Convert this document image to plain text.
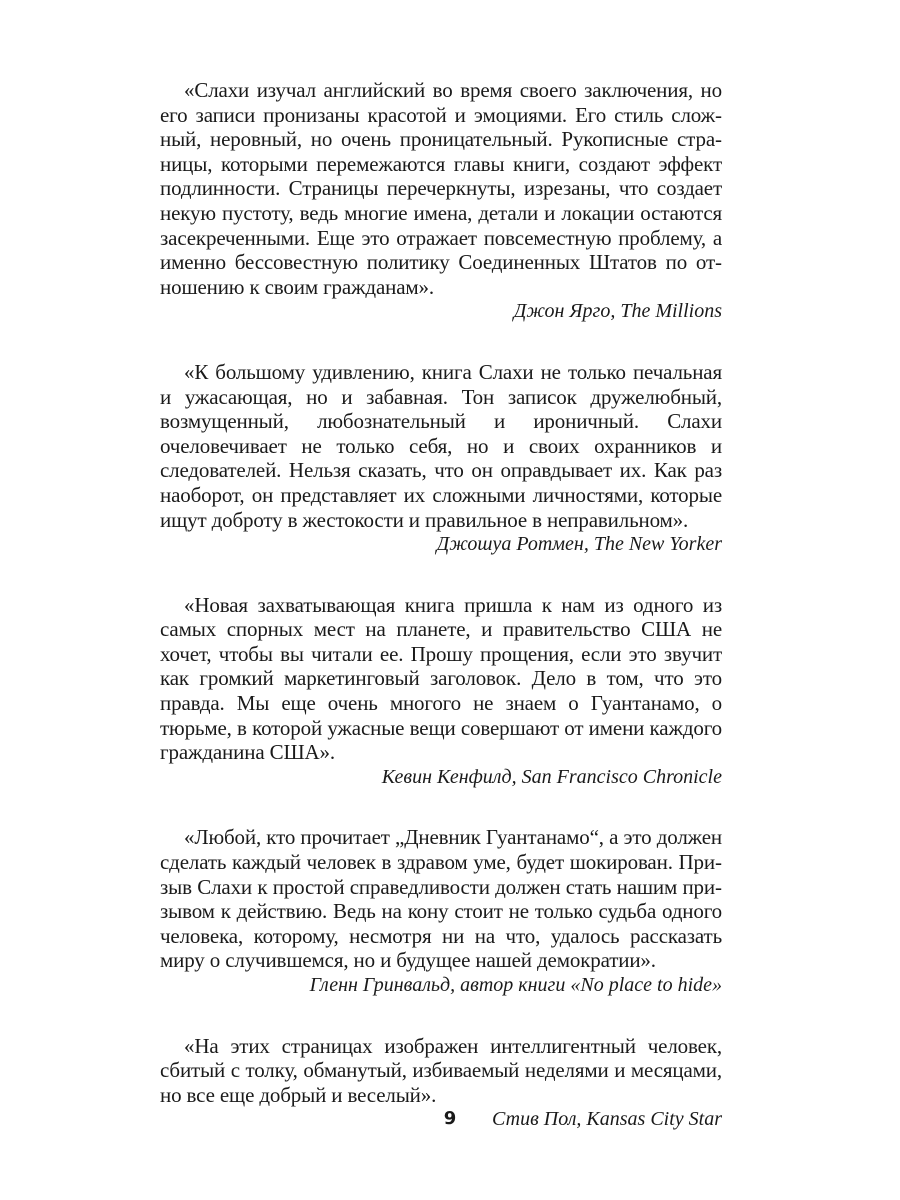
«Слахи изучал английский во время своего заключения, но его записи пронизаны красотой и эмоциями. Его стиль сложный, неровный, но очень проницательный. Рукописные страницы, которыми перемежаются главы книги, создают эффект подлинности. Страницы перечеркнуты, изрезаны, что создает некую пустоту, ведь многие имена, детали и локации остаются засекреченными. Еще это отражает повсеместную проблему, а именно бессовестную политику Соединенных Штатов по отношению к своим гражданам».

Джон Ярго, The Millions

«К большому удивлению, книга Слахи не только печальная и ужасающая, но и забавная. Тон записок дружелюбный, возмущенный, любознательный и ироничный. Слахи очеловечивает не только себя, но и своих охранников и следователей. Нельзя сказать, что он оправдывает их. Как раз наоборот, он представляет их сложными личностями, которые ищут доброту в жестокости и правильное в неправильном».

Джошуа Ротмен, The New Yorker

«Новая захватывающая книга пришла к нам из одного из самых спорных мест на планете, и правительство США не хочет, чтобы вы читали ее. Прошу прощения, если это звучит как громкий маркетинговый заголовок. Дело в том, что это правда. Мы еще очень многого не знаем о Гуантанамо, о тюрьме, в которой ужасные вещи совершают от имени каждого гражданина США».

Кевин Кенфилд, San Francisco Chronicle

«Любой, кто прочитает „Дневник Гуантанамо“, а это должен сделать каждый человек в здравом уме, будет шокирован. Призыв Слахи к простой справедливости должен стать нашим призывом к действию. Ведь на кону стоит не только судьба одного человека, которому, несмотря ни на что, удалось рассказать миру о случившемся, но и будущее нашей демократии».

Гленн Гринвальд, автор книги «No place to hide»

«На этих страницах изображен интеллигентный человек, сбитый с толку, обманутый, избиваемый неделями и месяцами, но все еще добрый и веселый».

Стив Пол, Kansas City Star

9
